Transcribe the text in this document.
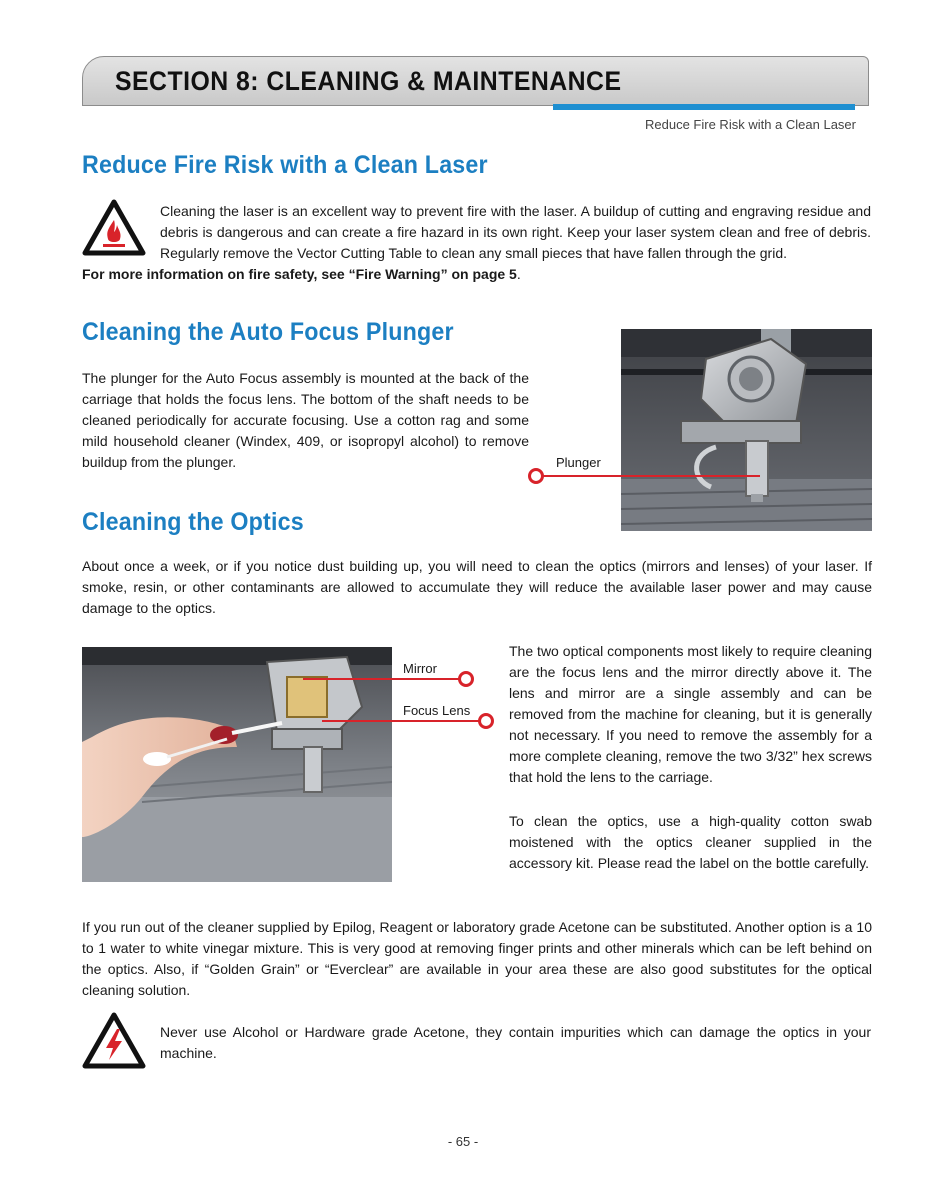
SECTION 8: CLEANING & MAINTENANCE
Reduce Fire Risk with a Clean Laser
Reduce Fire Risk with a Clean Laser

Cleaning the laser is an excellent way to prevent fire with the laser. A buildup of cutting and engraving residue and debris is dangerous and can create a fire hazard in its own right. Keep your laser system clean and free of debris. Regularly remove the Vector Cutting Table to clean any small pieces that have fallen through the grid.

For more information on fire safety, see “Fire Warning” on page 5.
Cleaning the Auto Focus Plunger

The plunger for the Auto Focus assembly is mounted at the back of the carriage that holds the focus lens. The bottom of the shaft needs to be cleaned periodically for accurate focusing. Use a cotton rag and some mild household cleaner (Windex, 409, or isopropyl alcohol) to remove buildup from the plunger.	Plunger
Cleaning the Optics

About once a week, or if you notice dust building up, you will need to clean the optics (mirrors and lenses) of your laser. If smoke, resin, or other contaminants are allowed to accumulate they will reduce the available laser power and may cause damage to the optics.

Mirror
Focus Lens

The two optical components most likely to require cleaning are the focus lens and the mirror directly above it. The lens and mirror are a single assembly and can be removed from the machine for cleaning, but it is generally not necessary. If you need to remove the assembly for a more complete cleaning, remove the two 3/32” hex screws that hold the lens to the carriage.

To clean the optics, use a high-quality cotton swab moistened with the optics cleaner supplied in the accessory kit. Please read the label on the bottle carefully.

If you run out of the cleaner supplied by Epilog, Reagent or laboratory grade Acetone can be substituted. Another option is a 10 to 1 water to white vinegar mixture. This is very good at removing finger prints and other minerals which can be left behind on the optics. Also, if “Golden Grain” or “Everclear” are available in your area these are also good substitutes for the optical cleaning solution.

Never use Alcohol or Hardware grade Acetone, they contain impurities which can damage the optics in your machine.

- 65 -
